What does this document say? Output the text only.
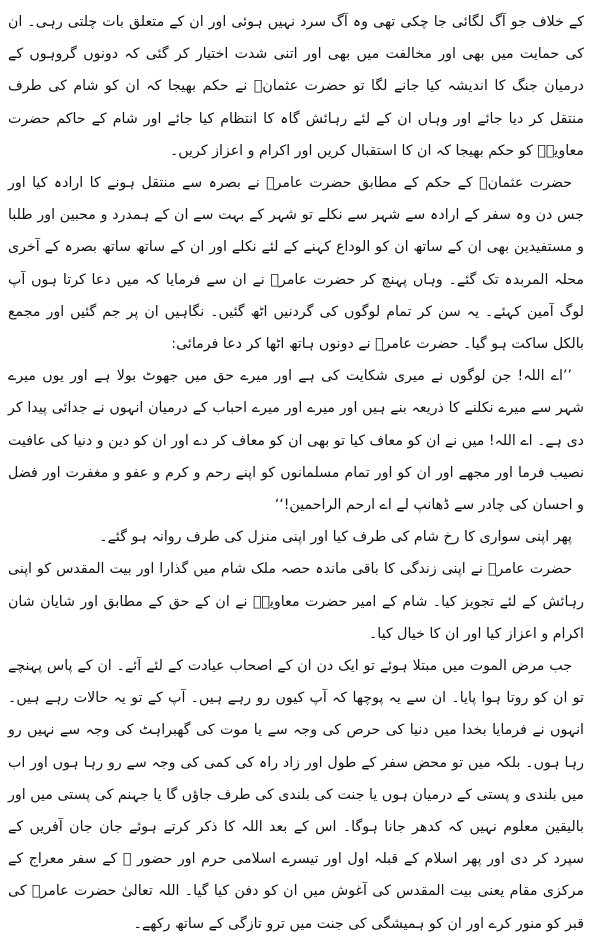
کے خلاف جو آگ لگائی جا چکی تھی وہ آگ سرد نہیں ہوئی اور ان کے متعلق بات چلتی رہی۔ ان کی حمایت میں بھی اور مخالفت میں بھی اور اتنی شدت اختیار کر گئی کہ دونوں گروہوں کے درمیان جنگ کا اندیشہ کیا جانے لگا تو حضرت عثمانؓ نے حکم بھیجا کہ ان کو شام کی طرف منتقل کر دیا جائے اور وہاں ان کے لئے رہائش گاہ کا انتظام کیا جائے اور شام کے حاکم حضرت معاویہؓ کو حکم بھیجا کہ ان کا استقبال کریں اور اکرام و اعزاز کریں۔

حضرت عثمانؓ کے حکم کے مطابق حضرت عامرؓ نے بصرہ سے منتقل ہونے کا ارادہ کیا اور جس دن وہ سفر کے ارادہ سے شہر سے نکلے تو شہر کے بہت سے ان کے ہمدرد و محبین اور طلبا و مستفیدین بھی ان کے ساتھ ان کو الوداع کہنے کے لئے نکلے اور ان کے ساتھ ساتھ بصرہ کے آخری محلہ المربدہ تک گئے۔ وہاں پہنچ کر حضرت عامرؓ نے ان سے فرمایا کہ میں دعا کرتا ہوں آپ لوگ آمین کہئے۔ یہ سن کر تمام لوگوں کی گردنیں اٹھ گئیں۔ نگاہیں ان پر جم گئیں اور مجمع بالکل ساکت ہو گیا۔ حضرت عامرؓ نے دونوں ہاتھ اٹھا کر دعا فرمائی:

’’اے اللہ! جن لوگوں نے میری شکایت کی ہے اور میرے حق میں جھوٹ بولا ہے اور یوں میرے شہر سے میرے نکلنے کا ذریعہ بنے ہیں اور میرے اور میرے احباب کے درمیان انہوں نے جدائی پیدا کر دی ہے۔ اے اللہ! میں نے ان کو معاف کیا تو بھی ان کو معاف کر دے اور ان کو دین و دنیا کی عافیت نصیب فرما اور مجھے اور ان کو اور تمام مسلمانوں کو اپنے رحم و کرم و عفو و مغفرت اور فضل و احسان کی چادر سے ڈھانپ لے اے ارحم الراحمین!‘‘

پھر اپنی سواری کا رخ شام کی طرف کیا اور اپنی منزل کی طرف روانہ ہو گئے۔

حضرت عامرؓ نے اپنی زندگی کا باقی ماندہ حصہ ملک شام میں گذارا اور بیت المقدس کو اپنی رہائش کے لئے تجویز کیا۔ شام کے امیر حضرت معاویہؓ نے ان کے حق کے مطابق اور شایان شان اکرام و اعزاز کیا اور ان کا خیال کیا۔

جب مرض الموت میں مبتلا ہوئے تو ایک دن ان کے اصحاب عیادت کے لئے آئے۔ ان کے پاس پہنچے تو ان کو روتا ہوا پایا۔ ان سے یہ پوچھا کہ آپ کیوں رو رہے ہیں۔ آپ کے تو یہ حالات رہے ہیں۔ انہوں نے فرمایا بخدا میں دنیا کی حرص کی وجہ سے یا موت کی گھبراہٹ کی وجہ سے نہیں رو رہا ہوں۔ بلکہ میں تو محض سفر کے طول اور زاد راہ کی کمی کی وجہ سے رو رہا ہوں اور اب میں بلندی و پستی کے درمیان ہوں یا جنت کی بلندی کی طرف جاؤں گا یا جہنم کی پستی میں اور بالیقین معلوم نہیں کہ کدھر جانا ہوگا۔ اس کے بعد اللہ کا ذکر کرتے ہوئے جان جان آفریں کے سپرد کر دی اور پھر اسلام کے قبلہ اول اور تیسرے اسلامی حرم اور حضور ﷺ کے سفر معراج کے مرکزی مقام یعنی بیت المقدس کی آغوش میں ان کو دفن کیا گیا۔ اللہ تعالیٰ حضرت عامرؓ کی قبر کو منور کرے اور ان کو ہمیشگی کی جنت میں ترو تازگی کے ساتھ رکھے۔
